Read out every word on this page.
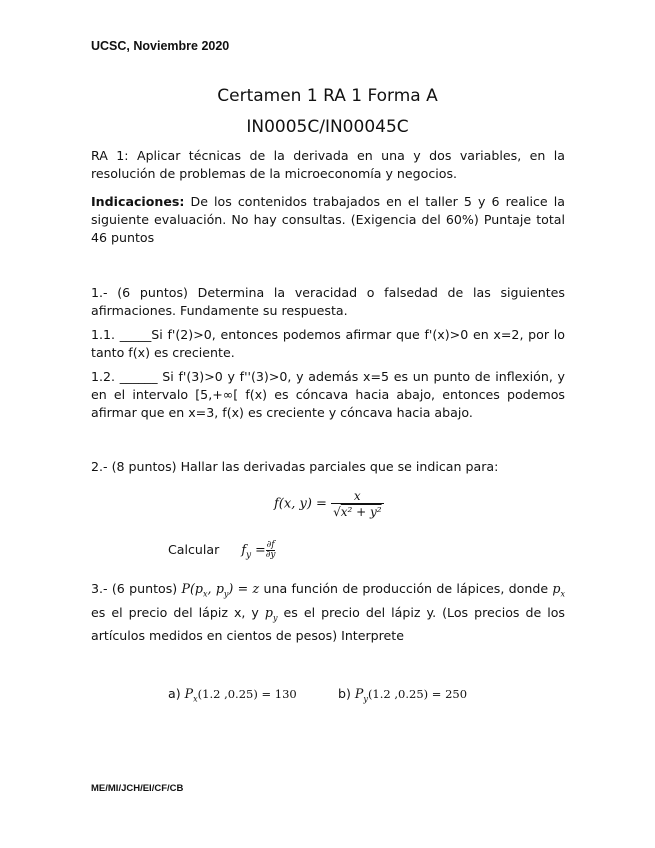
UCSC, Noviembre 2020
Certamen 1 RA 1 Forma A
IN0005C/IN00045C
RA 1: Aplicar técnicas de la derivada en una y dos variables, en la resolución de problemas de la microeconomía y negocios.
Indicaciones: De los contenidos trabajados en el taller 5 y 6 realice la siguiente evaluación. No hay consultas. (Exigencia del 60%) Puntaje total 46 puntos
1.- (6 puntos) Determina la veracidad o falsedad de las siguientes afirmaciones. Fundamente su respuesta.
1.1. _____Si f'(2)>0, entonces podemos afirmar que f'(x)>0 en x=2, por lo tanto f(x) es creciente.
1.2. ______ Si f'(3)>0 y f''(3)>0, y además x=5 es un punto de inflexión, y en el intervalo [5,+∞[ f(x) es cóncava hacia abajo, entonces podemos afirmar que en x=3, f(x) es creciente y cóncava hacia abajo.
2.- (8 puntos) Hallar las derivadas parciales que se indican para:
f(x, $y) = \frac{x}{\text{√x² + y²}}$
Calcular $f_y = \frac{\partial f}{\partial y}$
3.- (6 puntos) $P(p_x$, $p_y) = z$ una función de producción de lápices, donde $p_x$ es el precio del lápiz x, y $p_y$ es el precio del lápiz y. (Los precios de los artículos medidos en cientos de pesos) Interprete
a) $P_x(1.2$ ,0.25) = 130	b) $P_y(1.2$ ,0.25) = 250
ME/MI/JCH/EI/CF/CB
